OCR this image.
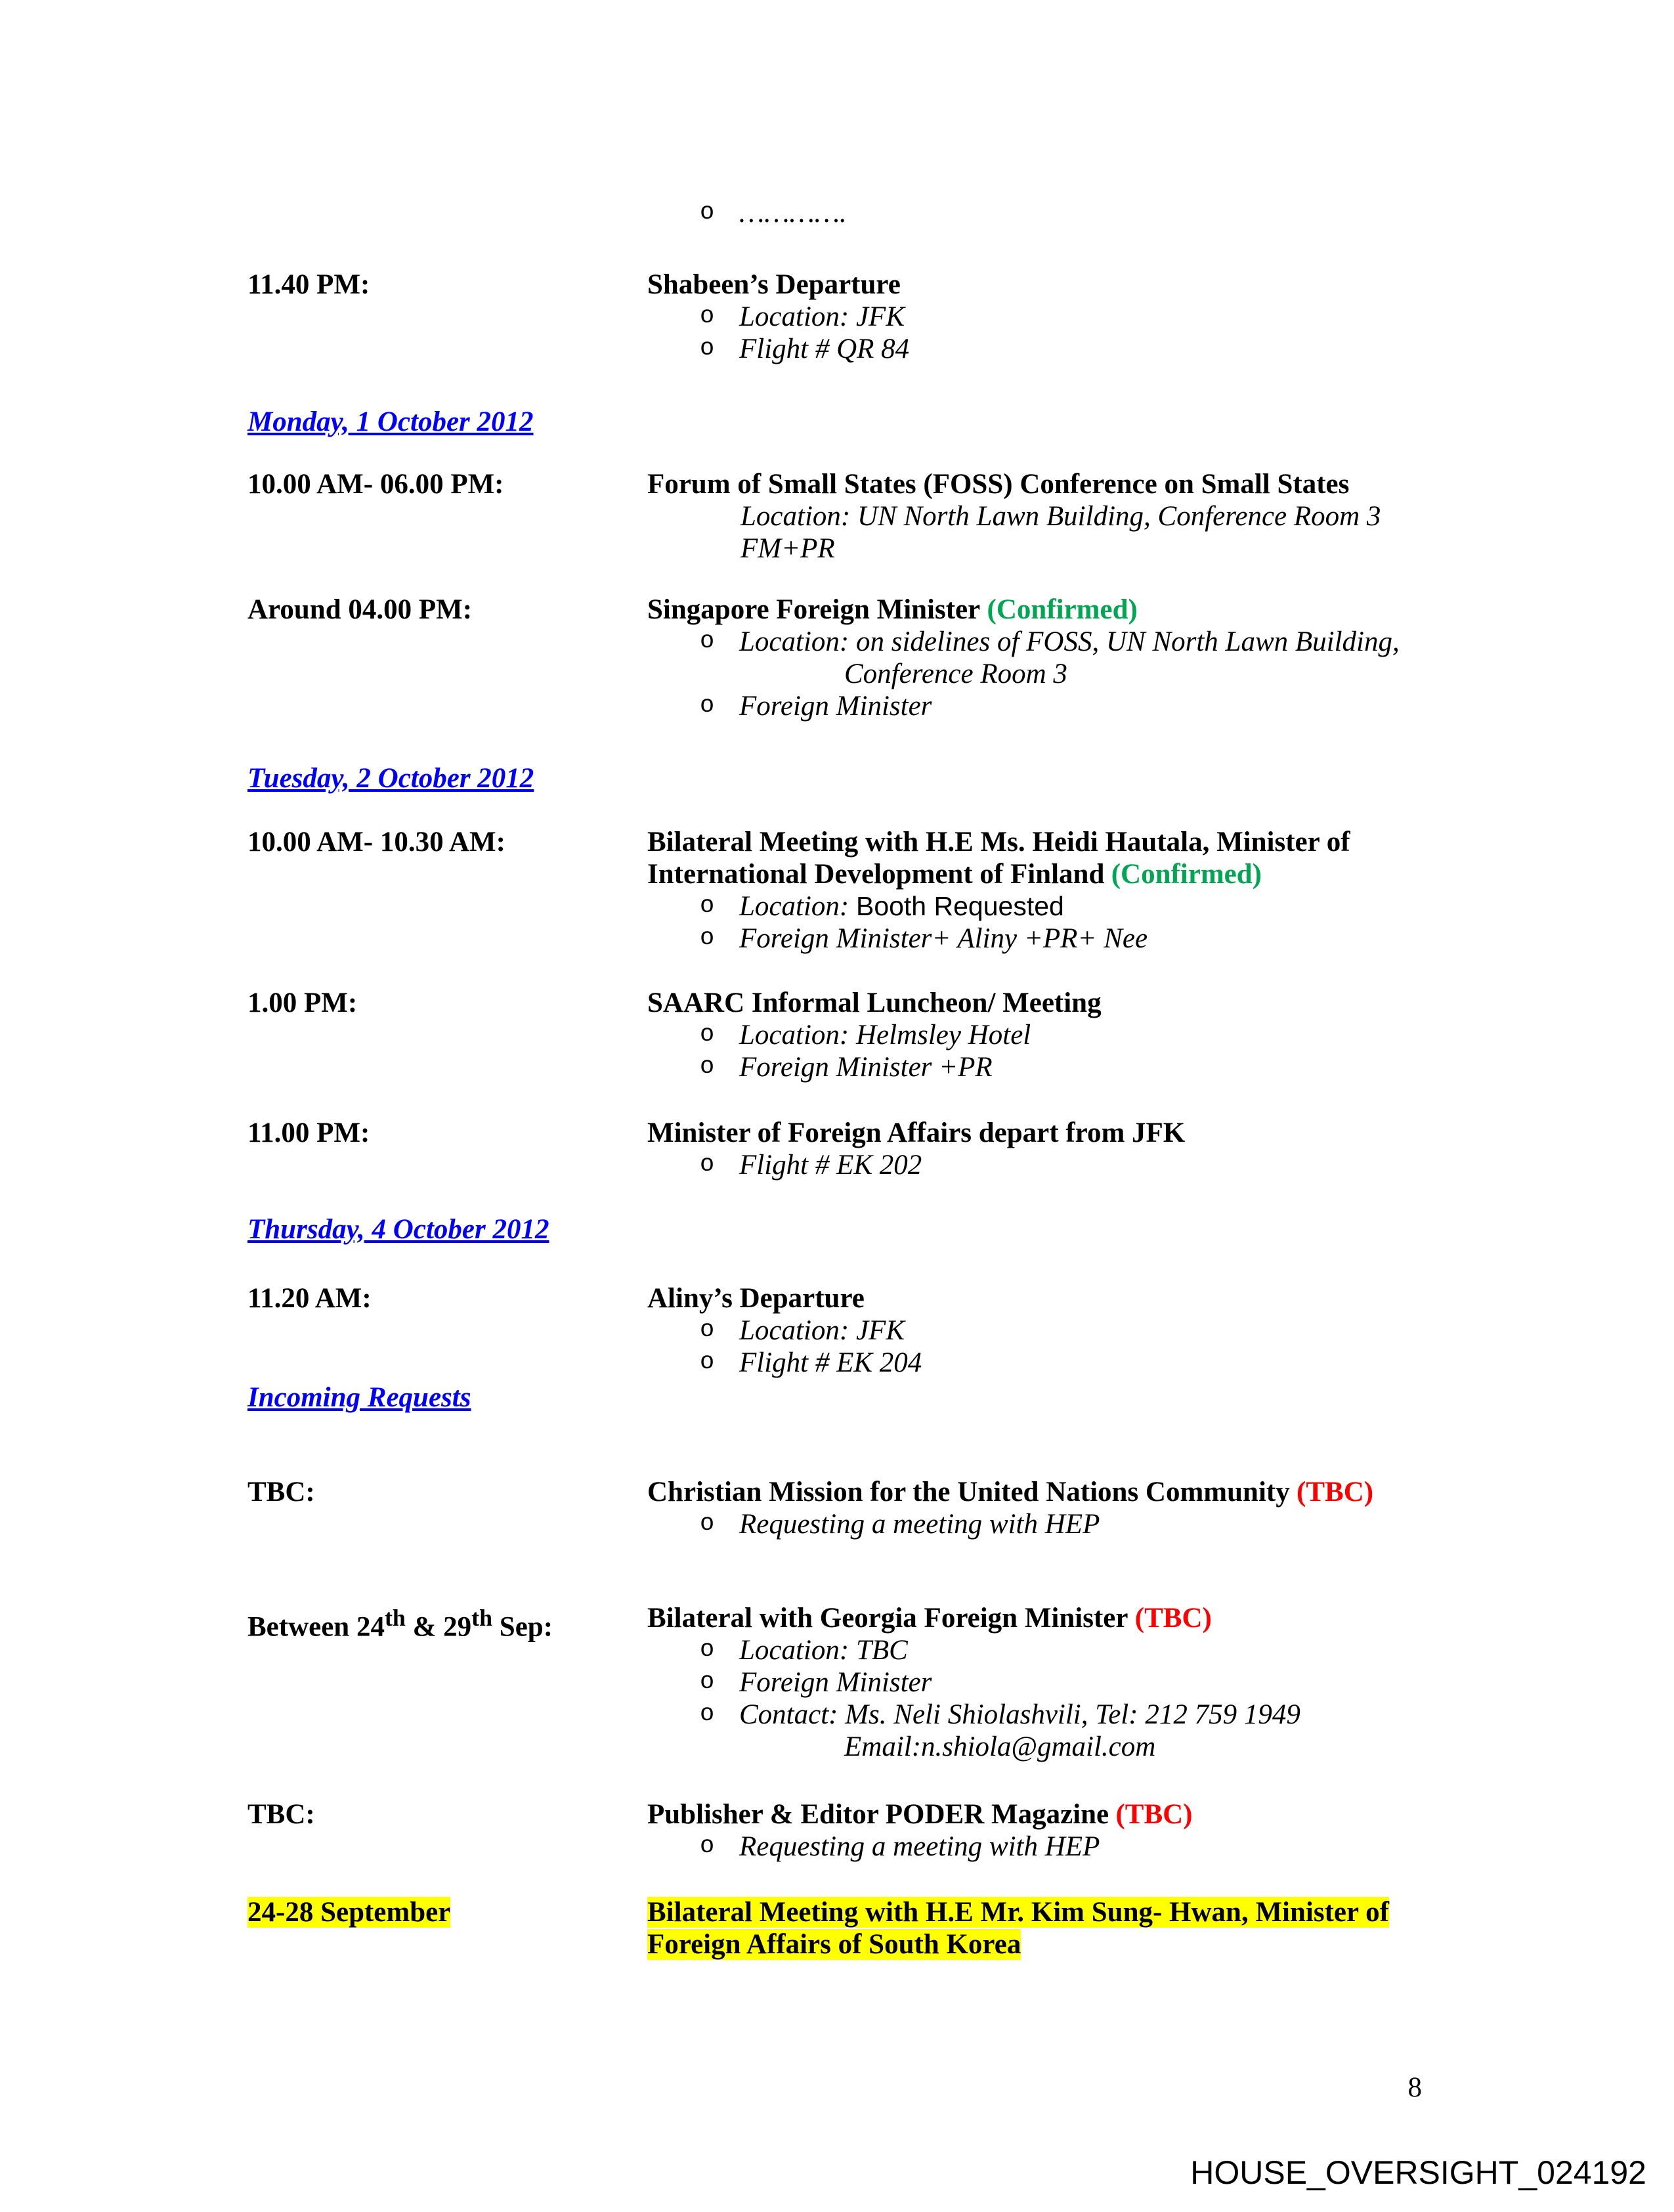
o ………….
11.40 PM:	Shabeen’s Departure
o Location: JFK
o Flight # QR 84
Monday, 1 October 2012
10.00 AM- 06.00 PM:	Forum of Small States (FOSS) Conference on Small States
Location: UN North Lawn Building, Conference Room 3
FM+PR
Around 04.00 PM:	Singapore Foreign Minister (Confirmed)
o Location: on sidelines of FOSS, UN North Lawn Building,
Conference Room 3
o Foreign Minister
Tuesday, 2 October 2012
10.00 AM- 10.30 AM:	Bilateral Meeting with H.E Ms. Heidi Hautala, Minister of International Development of Finland (Confirmed)
o Location: Booth Requested
o Foreign Minister+ Aliny +PR+ Nee
1.00 PM:	SAARC Informal Luncheon/ Meeting
o Location: Helmsley Hotel
o Foreign Minister +PR
11.00 PM:	Minister of Foreign Affairs depart from JFK
o Flight # EK 202
Thursday, 4 October 2012
11.20 AM:	Aliny’s Departure
o Location: JFK
o Flight # EK 204
Incoming Requests
TBC:	Christian Mission for the United Nations Community (TBC)
o Requesting a meeting with HEP
Between 24th & 29th Sep:	Bilateral with Georgia Foreign Minister (TBC)
o Location: TBC
o Foreign Minister
o Contact: Ms. Neli Shiolashvili, Tel: 212 759 1949
Email:n.shiola@gmail.com
TBC:	Publisher & Editor PODER Magazine (TBC)
o Requesting a meeting with HEP
24-28 September	Bilateral Meeting with H.E Mr. Kim Sung- Hwan, Minister of
Foreign Affairs of South Korea
8
HOUSE_OVERSIGHT_024192
